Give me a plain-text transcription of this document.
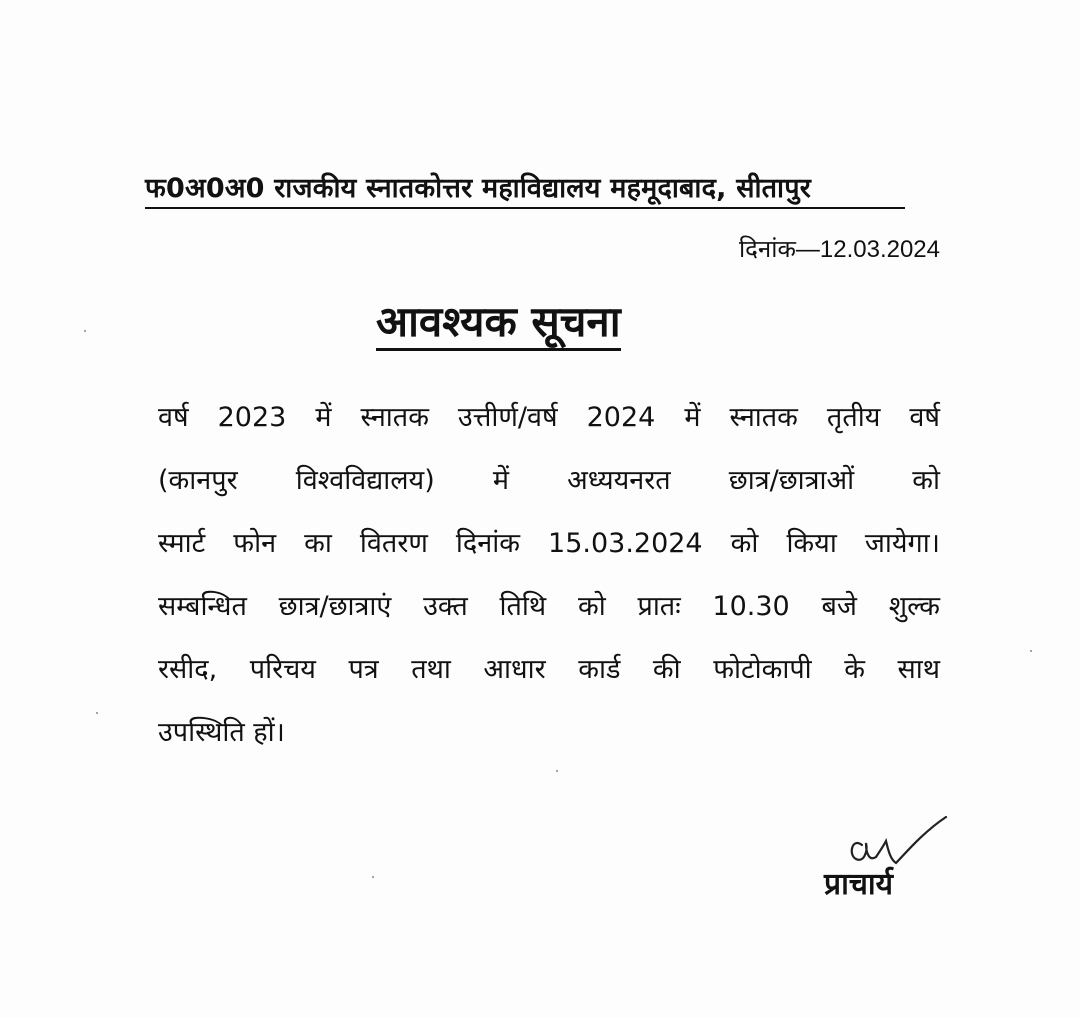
फ0अ0अ0 राजकीय स्नातकोत्तर महाविद्यालय महमूदाबाद, सीतापुर
दिनांक—12.03.2024
आवश्यक सूचना
वर्ष 2023 में स्नातक उत्तीर्ण/वर्ष 2024 में स्नातक तृतीय वर्ष
(कानपुर विश्वविद्यालय) में अध्ययनरत छात्र/छात्राओं को
स्मार्ट फोन का वितरण दिनांक 15.03.2024 को किया जायेगा।
सम्बन्धित छात्र/छात्राएं उक्त तिथि को प्रातः 10.30 बजे शुल्क
रसीद, परिचय पत्र तथा आधार कार्ड की फोटोकापी के साथ
उपस्थिति हों।
प्राचार्य
